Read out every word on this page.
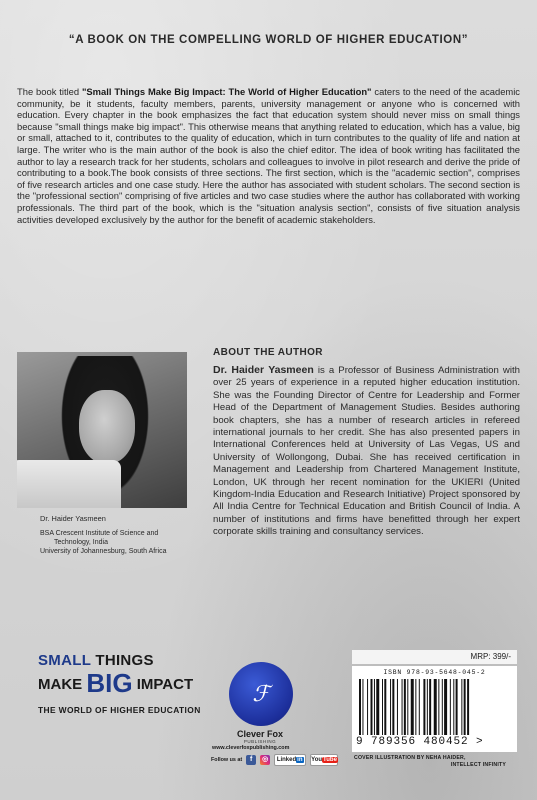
“A BOOK ON THE COMPELLING WORLD OF HIGHER EDUCATION”

The book titled "Small Things Make Big Impact: The World of Higher Education" caters to the need of the academic community, be it students, faculty members, parents, university management or anyone who is concerned with education. Every chapter in the book emphasizes the fact that education system should never miss on small things because "small things make big impact". This otherwise means that anything related to education, which has a value, big or small, attached to it, contributes to the quality of education, which in turn contributes to the quality of life and nation at large. The writer who is the main author of the book is also the chief editor. The idea of book writing has facilitated the author to lay a research track for her students, scholars and colleagues to involve in pilot research and derive the pride of contributing to a book.The book consists of three sections. The first section, which is the "academic section", comprises of five research articles and one case study. Here the author has associated with student scholars. The second section is the "professional section" comprising of five articles and two case studies where the author has collaborated with working professionals. The third part of the book, which is the "situation analysis section", consists of five situation analysis activities developed exclusively by the author for the benefit of academic stakeholders.

Dr. Haider Yasmeen
BSA Crescent Institute of Science and
Technology, India
University of Johannesburg, South Africa
ABOUT THE AUTHOR

Dr. Haider Yasmeen is a Professor of Business Administration with over 25 years of experience in a reputed higher education institution. She was the Founding Director of Centre for Leadership and Former Head of the Department of Management Studies. Besides authoring book chapters, she has a number of research articles in refereed international journals to her credit. She has also presented papers in International Conferences held at University of Las Vegas, US and University of Wollongong, Dubai. She has received certification in Management and Leadership from Chartered Management Institute, London, UK through her recent nomination for the UKIERI (United Kingdom-India Education and Research Initiative) Project sponsored by All India Centre for Technical Education and British Council of India. A number of institutions and firms have benefitted through her expert corporate skills training and consultancy services.

SMALL THINGS
MAKE BIG IMPACT
THE WORLD OF HIGHER EDUCATION
ℱ
Clever Fox
PUBLISHING
www.cleverfoxpublishing.com
Follow us at	f	◎	Linkedin	YouTube
MRP: 399/-
ISBN 978-93-5648-045-2
9 789356 480452 >
COVER ILLUSTRATION BY NEHA HAIDER,
INTELLECT INFINITY
